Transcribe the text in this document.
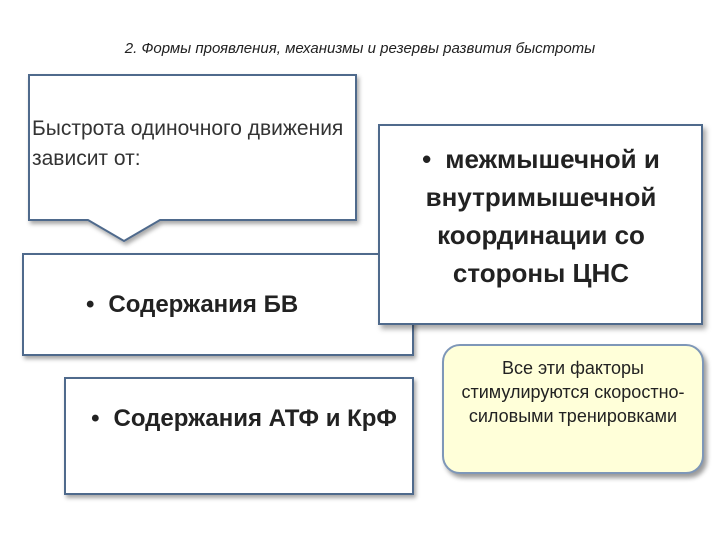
2. Формы проявления, механизмы и резервы развития быстроты
Быстрота одиночного движения зависит от:
• Содержания БВ
• Содержания АТФ и КрФ
• межмышечной и внутримышечной координации со стороны ЦНС
Все эти факторы стимулируются скоростно-силовыми тренировками
